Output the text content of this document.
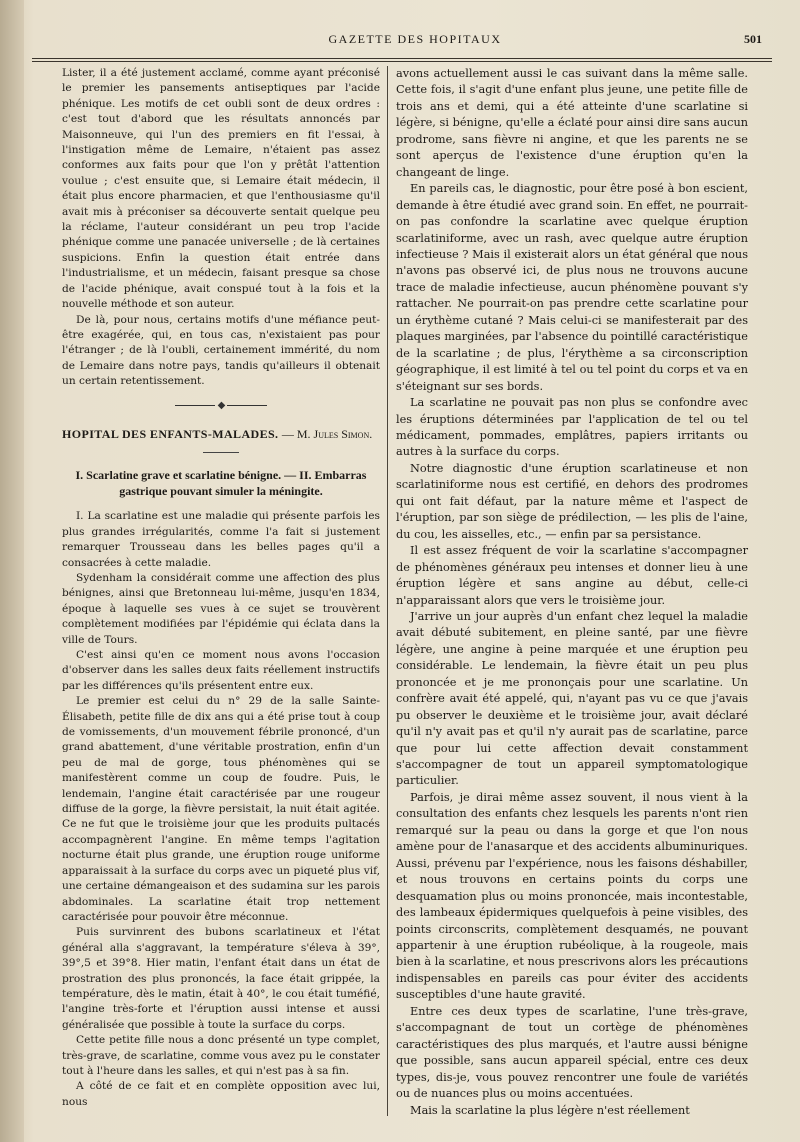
GAZETTE DES HOPITAUX	501

Lister, il a été justement acclamé, comme ayant préconisé le premier les pansements antiseptiques par l'acide phénique. Les motifs de cet oubli sont de deux ordres : c'est tout d'abord que les résultats annoncés par Maisonneuve, qui l'un des premiers en fit l'essai, à l'instigation même de Lemaire, n'étaient pas assez conformes aux faits pour que l'on y prêtât l'attention voulue ; c'est ensuite que, si Lemaire était médecin, il était plus encore pharmacien, et que l'enthousiasme qu'il avait mis à préconiser sa découverte sentait quelque peu la réclame, l'auteur considérant un peu trop l'acide phénique comme une panacée universelle ; de là certaines suspicions. Enfin la question était entrée dans l'industrialisme, et un médecin, faisant presque sa chose de l'acide phénique, avait conspué tout à la fois et la nouvelle méthode et son auteur.

De là, pour nous, certains motifs d'une méfiance peut-être exagérée, qui, en tous cas, n'existaient pas pour l'étranger ; de là l'oubli, certainement immérité, du nom de Lemaire dans notre pays, tandis qu'ailleurs il obtenait un certain retentissement.

◆
HOPITAL DES ENFANTS-MALADES. — M. Jules Simon.
I. Scarlatine grave et scarlatine bénigne. — II. Embarras gastrique pouvant simuler la méningite.

I. La scarlatine est une maladie qui présente parfois les plus grandes irrégularités, comme l'a fait si justement remarquer Trousseau dans les belles pages qu'il a consacrées à cette maladie.

Sydenham la considérait comme une affection des plus bénignes, ainsi que Bretonneau lui-même, jusqu'en 1834, époque à laquelle ses vues à ce sujet se trouvèrent complètement modifiées par l'épidémie qui éclata dans la ville de Tours.

C'est ainsi qu'en ce moment nous avons l'occasion d'observer dans les salles deux faits réellement instructifs par les différences qu'ils présentent entre eux.

Le premier est celui du n° 29 de la salle Sainte-Élisabeth, petite fille de dix ans qui a été prise tout à coup de vomissements, d'un mouvement fébrile prononcé, d'un grand abattement, d'une véritable prostration, enfin d'un peu de mal de gorge, tous phénomènes qui se manifestèrent comme un coup de foudre. Puis, le lendemain, l'angine était caractérisée par une rougeur diffuse de la gorge, la fièvre persistait, la nuit était agitée. Ce ne fut que le troisième jour que les produits pultacés accompagnèrent l'angine. En même temps l'agitation nocturne était plus grande, une éruption rouge uniforme apparaissait à la surface du corps avec un piqueté plus vif, une certaine démangeaison et des sudamina sur les parois abdominales. La scarlatine était trop nettement caractérisée pour pouvoir être méconnue.

Puis survinrent des bubons scarlatineux et l'état général alla s'aggravant, la température s'éleva à 39°, 39°,5 et 39°8. Hier matin, l'enfant était dans un état de prostration des plus prononcés, la face était grippée, la température, dès le matin, était à 40°, le cou était tuméfié, l'angine très-forte et l'éruption aussi intense et aussi généralisée que possible à toute la surface du corps.

Cette petite fille nous a donc présenté un type complet, très-grave, de scarlatine, comme vous avez pu le constater tout à l'heure dans les salles, et qui n'est pas à sa fin.

A côté de ce fait et en complète opposition avec lui, nous

avons actuellement aussi le cas suivant dans la même salle. Cette fois, il s'agit d'une enfant plus jeune, une petite fille de trois ans et demi, qui a été atteinte d'une scarlatine si légère, si bénigne, qu'elle a éclaté pour ainsi dire sans aucun prodrome, sans fièvre ni angine, et que les parents ne se sont aperçus de l'existence d'une éruption qu'en la changeant de linge.

En pareils cas, le diagnostic, pour être posé à bon escient, demande à être étudié avec grand soin. En effet, ne pourrait-on pas confondre la scarlatine avec quelque éruption scarlatiniforme, avec un rash, avec quelque autre éruption infectieuse ? Mais il existerait alors un état général que nous n'avons pas observé ici, de plus nous ne trouvons aucune trace de maladie infectieuse, aucun phénomène pouvant s'y rattacher. Ne pourrait-on pas prendre cette scarlatine pour un érythème cutané ? Mais celui-ci se manifesterait par des plaques marginées, par l'absence du pointillé caractéristique de la scarlatine ; de plus, l'érythème a sa circonscription géographique, il est limité à tel ou tel point du corps et va en s'éteignant sur ses bords.

La scarlatine ne pouvait pas non plus se confondre avec les éruptions déterminées par l'application de tel ou tel médicament, pommades, emplâtres, papiers irritants ou autres à la surface du corps.

Notre diagnostic d'une éruption scarlatineuse et non scarlatiniforme nous est certifié, en dehors des prodromes qui ont fait défaut, par la nature même et l'aspect de l'éruption, par son siège de prédilection, — les plis de l'aine, du cou, les aisselles, etc., — enfin par sa persistance.

Il est assez fréquent de voir la scarlatine s'accompagner de phénomènes généraux peu intenses et donner lieu à une éruption légère et sans angine au début, celle-ci n'apparaissant alors que vers le troisième jour.

J'arrive un jour auprès d'un enfant chez lequel la maladie avait débuté subitement, en pleine santé, par une fièvre légère, une angine à peine marquée et une éruption peu considérable. Le lendemain, la fièvre était un peu plus prononcée et je me prononçais pour une scarlatine. Un confrère avait été appelé, qui, n'ayant pas vu ce que j'avais pu observer le deuxième et le troisième jour, avait déclaré qu'il n'y avait pas et qu'il n'y aurait pas de scarlatine, parce que pour lui cette affection devait constamment s'accompagner de tout un appareil symptomatologique particulier.

Parfois, je dirai même assez souvent, il nous vient à la consultation des enfants chez lesquels les parents n'ont rien remarqué sur la peau ou dans la gorge et que l'on nous amène pour de l'anasarque et des accidents albuminuriques. Aussi, prévenu par l'expérience, nous les faisons déshabiller, et nous trouvons en certains points du corps une desquamation plus ou moins prononcée, mais incontestable, des lambeaux épidermiques quelquefois à peine visibles, des points circonscrits, complètement desquamés, ne pouvant appartenir à une éruption rubéolique, à la rougeole, mais bien à la scarlatine, et nous prescrivons alors les précautions indispensables en pareils cas pour éviter des accidents susceptibles d'une haute gravité.

Entre ces deux types de scarlatine, l'une très-grave, s'accompagnant de tout un cortège de phénomènes caractéristiques des plus marqués, et l'autre aussi bénigne que possible, sans aucun appareil spécial, entre ces deux types, dis-je, vous pouvez rencontrer une foule de variétés ou de nuances plus ou moins accentuées.

Mais la scarlatine la plus légère n'est réellement
